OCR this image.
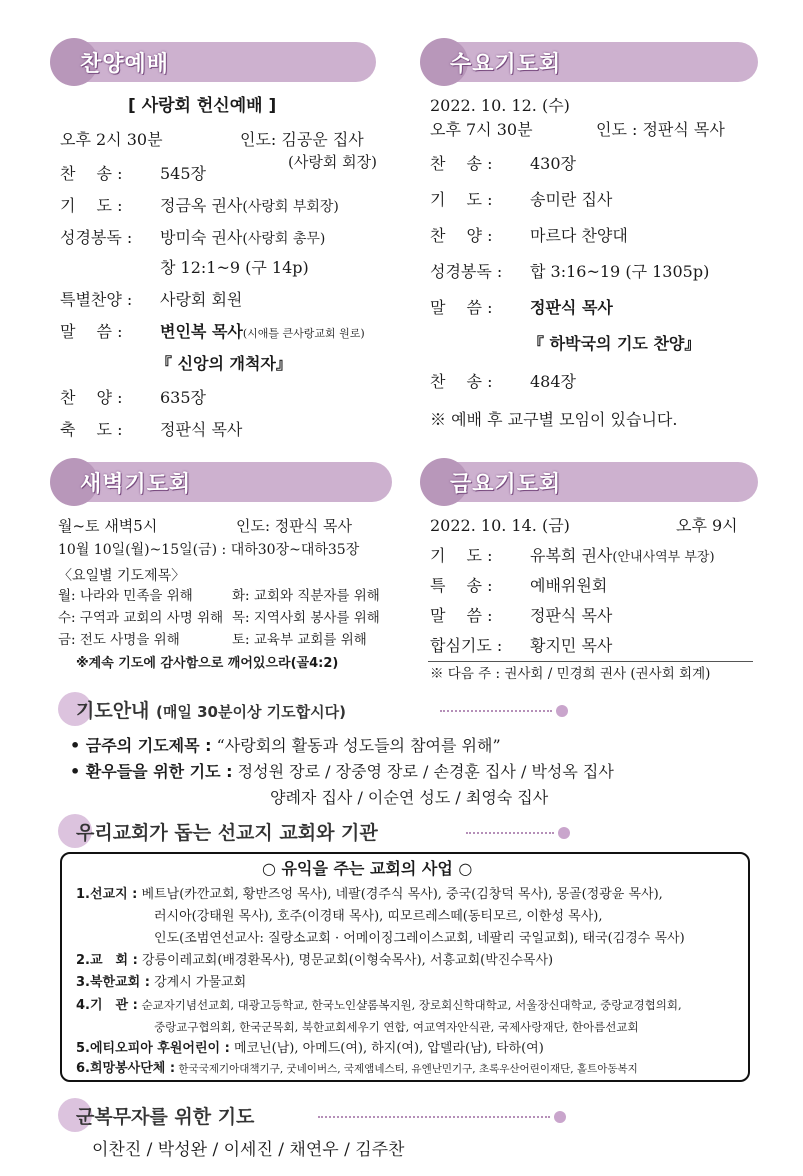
찬양예배
[ 사랑회 헌신예배 ]
오후 2시 30분	인도: 김공운 집사
(사랑회 회장)
찬　 송 : 545장
기　 도 : 정금옥 권사(사랑회 부회장)
성경봉독 : 방미숙 권사(사랑회 총무)
창 12:1~9 (구 14p)
특별찬양 : 사랑회 회원
말　 씀 : 변인복 목사(시애틀 큰사랑교회 원로)
『 신앙의 개척자』
찬　 양 : 635장
축　 도 : 정판식 목사
수요기도회
2022. 10. 12. (수)
오후 7시 30분	인도 : 정판식 목사
찬　 송 : 430장
기　 도 : 송미란 집사
찬　 양 : 마르다 찬양대
성경봉독 : 합 3:16~19 (구 1305p)
말　 씀 : 정판식 목사
『 하박국의 기도 찬양』
찬　 송 : 484장
※ 예배 후 교구별 모임이 있습니다.
새벽기도회
월~토 새벽5시	인도: 정판식 목사
10월 10일(월)~15일(금) : 대하30장~대하35장
〈요일별 기도제목〉
월: 나라와 민족을 위해	화: 교회와 직분자를 위해
수: 구역과 교회의 사명 위해 목: 지역사회 봉사를 위해
금: 전도 사명을 위해	토: 교육부 교회를 위해
※계속 기도에 감사함으로 깨어있으라(골4:2)
금요기도회
2022. 10. 14. (금)	오후 9시
기　 도 : 유복희 권사(안내사역부 부장)
특　 송 : 예배위원회
말　 씀 : 정판식 목사
합심기도 : 황지민 목사
※ 다음 주 : 권사회 / 민경희 권사 (권사회 회계)
기도안내 (매일 30분이상 기도합시다)
• 금주의 기도제목 : “사랑회의 활동과 성도들의 참여를 위해”
• 환우들을 위한 기도 : 정성원 장로 / 장중영 장로 / 손경훈 집사 / 박성옥 집사
양례자 집사 / 이순연 성도 / 최영숙 집사
우리교회가 돕는 선교지 교회와 기관
○ 유익을 주는 교회의 사업 ○
1.선교지 : 베트남(카깐교회, 황반즈엉 목사), 네팔(경주식 목사), 중국(김창덕 목사), 몽골(정광윤 목사),
러시아(강태원 목사), 호주(이경태 목사), 띠모르레스떼(동티모르, 이한성 목사),
인도(조범연선교사: 질랑소교회 · 어메이징그레이스교회, 네팔리 국일교회), 태국(김경수 목사)
2.교　회 : 강릉이레교회(배경환목사), 명문교회(이형숙목사), 서흥교회(박진수목사)
3.북한교회 : 강계시 가물교회
4.기　관 : 순교자기념선교회, 대광고등학교, 한국노인샬롬복지원, 장로회신학대학교, 서울장신대학교, 중랑교경협의회,
중랑교구협의회, 한국군목회, 북한교회세우기 연합, 여교역자안식관, 국제사랑재단, 한아름선교회
5.에티오피아 후원어린이 : 메코닌(남), 아메드(여), 하지(여), 압델라(남), 타하(여)
6.희망봉사단체 : 한국국제기아대책기구, 굿네이버스, 국제앰네스티, 유엔난민기구, 초록우산어린이재단, 홀트아동복지
군복무자를 위한 기도
이찬진 / 박성완 / 이세진 / 채연우 / 김주찬
